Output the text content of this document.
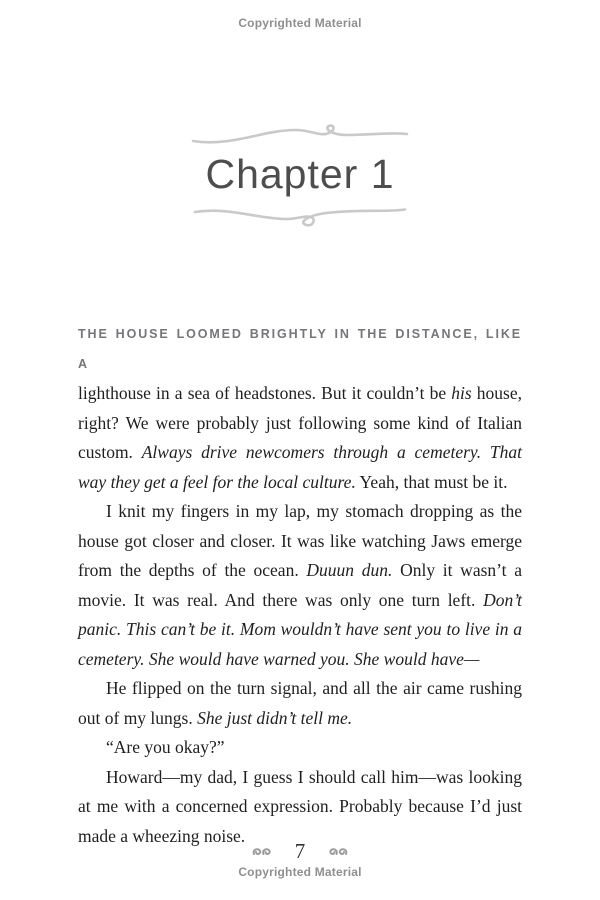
Copyrighted Material
Chapter 1

THE HOUSE LOOMED BRIGHTLY IN THE DISTANCE, LIKE A
lighthouse in a sea of headstones. But it couldn’t be his house, right? We were probably just following some kind of Italian custom. Always drive newcomers through a cemetery. That way they get a feel for the local culture. Yeah, that must be it.

I knit my fingers in my lap, my stomach dropping as the house got closer and closer. It was like watching Jaws emerge from the depths of the ocean. Duuun dun. Only it wasn’t a movie. It was real. And there was only one turn left. Don’t panic. This can’t be it. Mom wouldn’t have sent you to live in a cemetery. She would have warned you. She would have—

He flipped on the turn signal, and all the air came rushing out of my lungs. She just didn’t tell me.

“Are you okay?”

Howard—my dad, I guess I should call him—was looking at me with a concerned expression. Probably because I’d just made a wheezing noise.

7
Copyrighted Material
